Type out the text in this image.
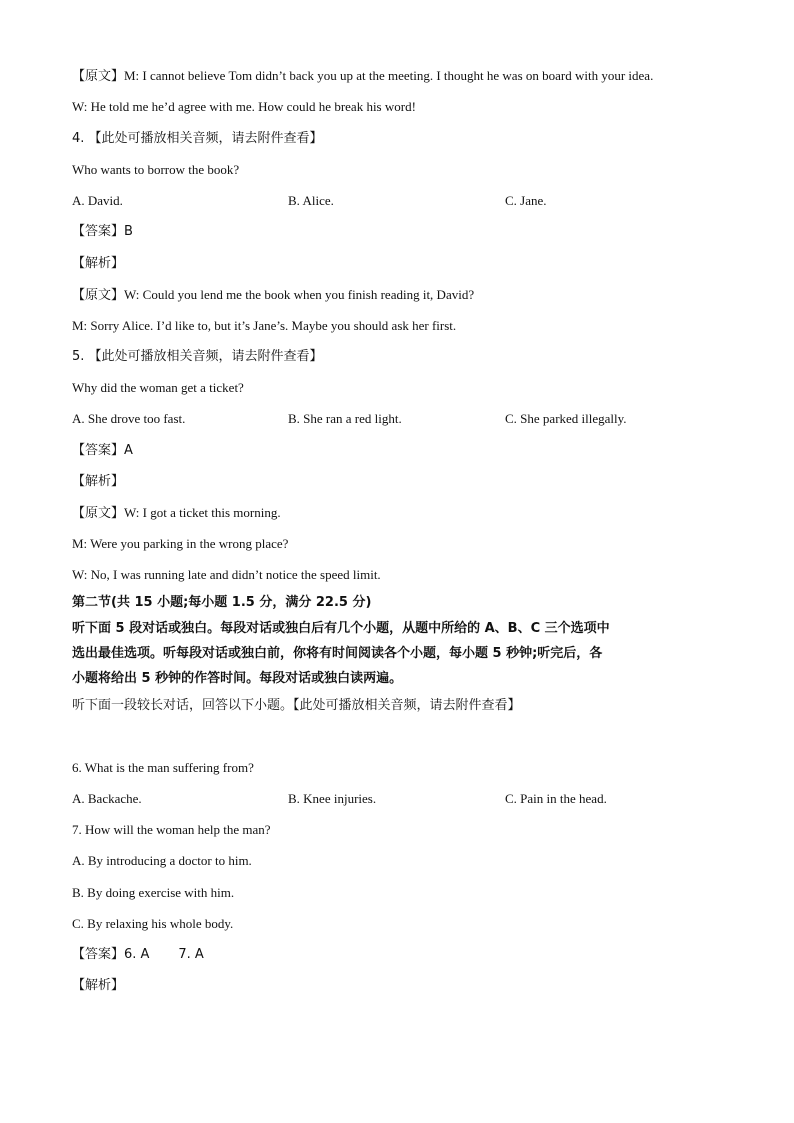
【原文】M: I cannot believe Tom didn’t back you up at the meeting. I thought he was on board with your idea.
W: He told me he’d agree with me. How could he break his word!
4. 【此处可播放相关音频，请去附件查看】
Who wants to borrow the book?
A. David.	B. Alice.	C. Jane.
【答案】B
【解析】
【原文】W: Could you lend me the book when you finish reading it, David?
M: Sorry Alice. I’d like to, but it’s Jane’s. Maybe you should ask her first.
5. 【此处可播放相关音频，请去附件查看】
Why did the woman get a ticket?
A. She drove too fast.	B. She ran a red light.	C. She parked illegally.
【答案】A
【解析】
【原文】W: I got a ticket this morning.
M: Were you parking in the wrong place?
W: No, I was running late and didn’t notice the speed limit.
第二节(共 15 小题;每小题 1.5 分，满分 22.5 分)
听下面 5 段对话或独白。每段对话或独白后有几个小题，从题中所给的 A、B、C 三个选项中
选出最佳选项。听每段对话或独白前，你将有时间阅读各个小题，每小题 5 秒钟;听完后，各
小题将给出 5 秒钟的作答时间。每段对话或独白读两遍。
听下面一段较长对话，回答以下小题。【此处可播放相关音频，请去附件查看】
6. What is the man suffering from?
A. Backache.	B. Knee injuries.	C. Pain in the head.
7. How will the woman help the man?
A. By introducing a doctor to him.
B. By doing exercise with him.
C. By relaxing his whole body.
【答案】6. A       7. A
【解析】
